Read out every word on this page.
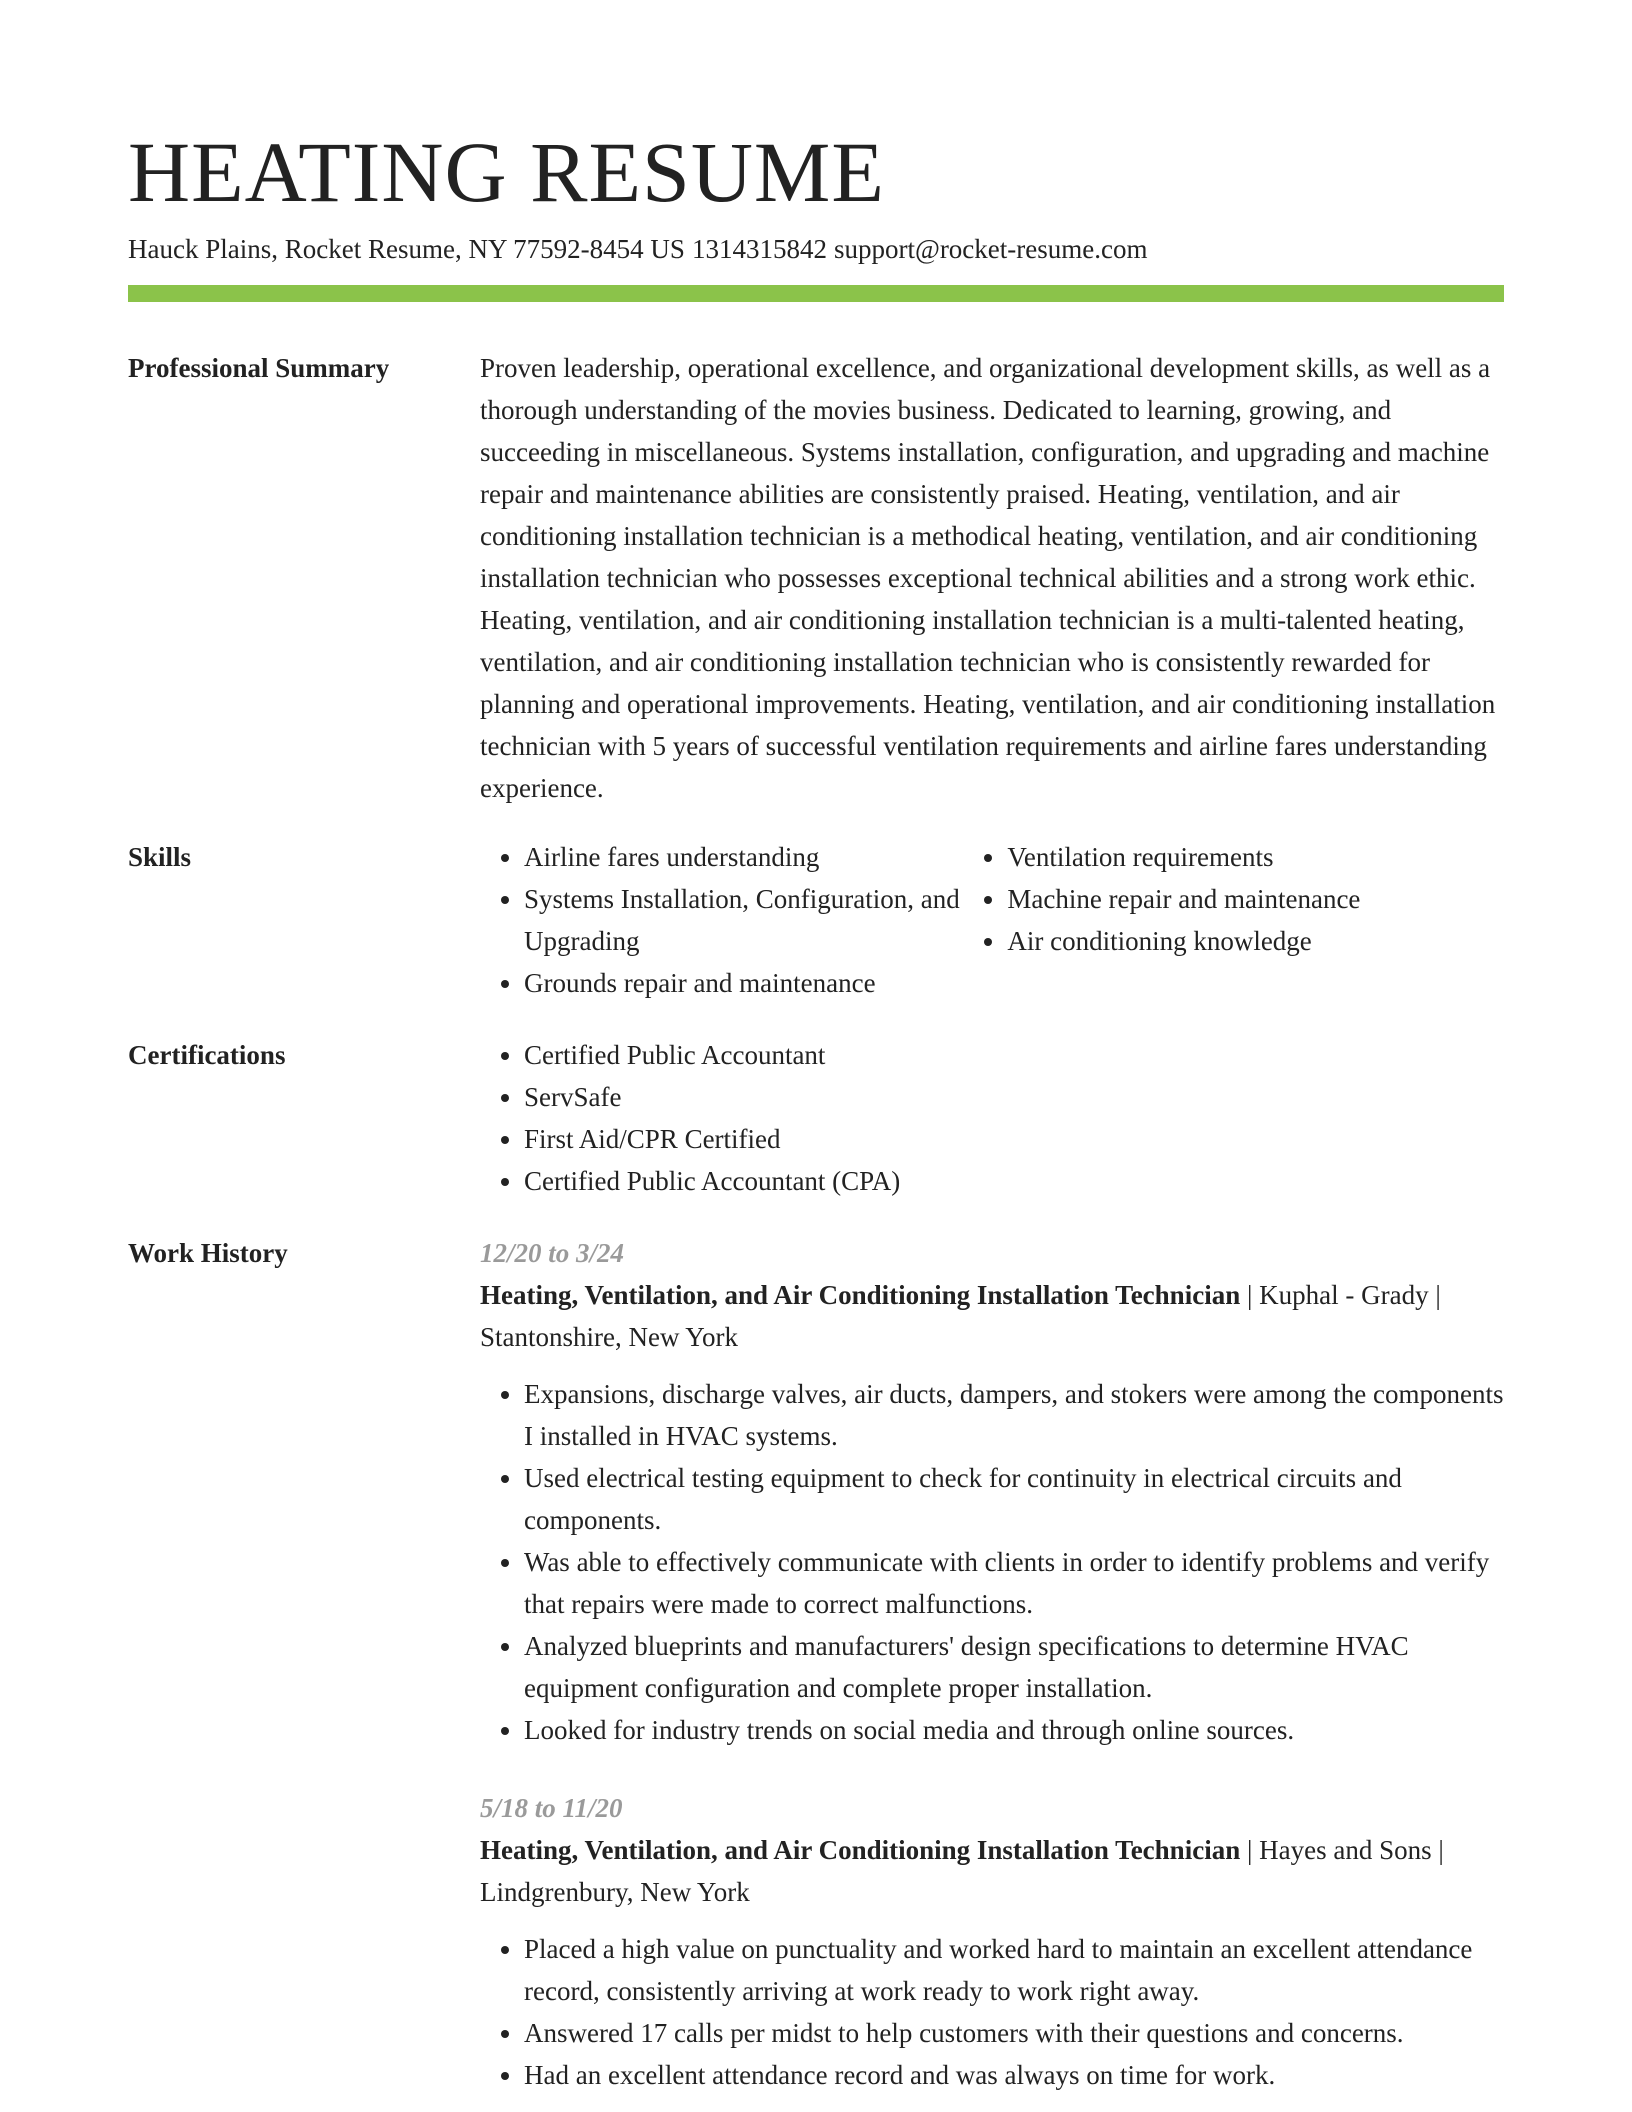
HEATING RESUME
Hauck Plains, Rocket Resume, NY 77592-8454 US 1314315842 support@rocket-resume.com
Professional Summary	Proven leadership, operational excellence, and organizational development skills, as well as a thorough understanding of the movies business. Dedicated to learning, growing, and succeeding in miscellaneous. Systems installation, configuration, and upgrading and machine repair and maintenance abilities are consistently praised. Heating, ventilation, and air conditioning installation technician is a methodical heating, ventilation, and air conditioning installation technician who possesses exceptional technical abilities and a strong work ethic. Heating, ventilation, and air conditioning installation technician is a multi-talented heating, ventilation, and air conditioning installation technician who is consistently rewarded for planning and operational improvements. Heating, ventilation, and air conditioning installation technician with 5 years of successful ventilation requirements and airline fares understanding experience.

Skills	• Airline fares understanding
• Systems Installation, Configuration, and Upgrading
• Grounds repair and maintenance
• Ventilation requirements
• Machine repair and maintenance
• Air conditioning knowledge
Certifications	• Certified Public Accountant
• ServSafe
• First Aid/CPR Certified
• Certified Public Accountant (CPA)
Work History	12/20 to 3/24
Heating, Ventilation, and Air Conditioning Installation Technician | Kuphal - Grady | Stantonshire, New York
• Expansions, discharge valves, air ducts, dampers, and stokers were among the components I installed in HVAC systems.
• Used electrical testing equipment to check for continuity in electrical circuits and components.
• Was able to effectively communicate with clients in order to identify problems and verify that repairs were made to correct malfunctions.
• Analyzed blueprints and manufacturers' design specifications to determine HVAC equipment configuration and complete proper installation.
• Looked for industry trends on social media and through online sources.
5/18 to 11/20
Heating, Ventilation, and Air Conditioning Installation Technician | Hayes and Sons | Lindgrenbury, New York
• Placed a high value on punctuality and worked hard to maintain an excellent attendance record, consistently arriving at work ready to work right away.
• Answered 17 calls per midst to help customers with their questions and concerns.
• Had an excellent attendance record and was always on time for work.
